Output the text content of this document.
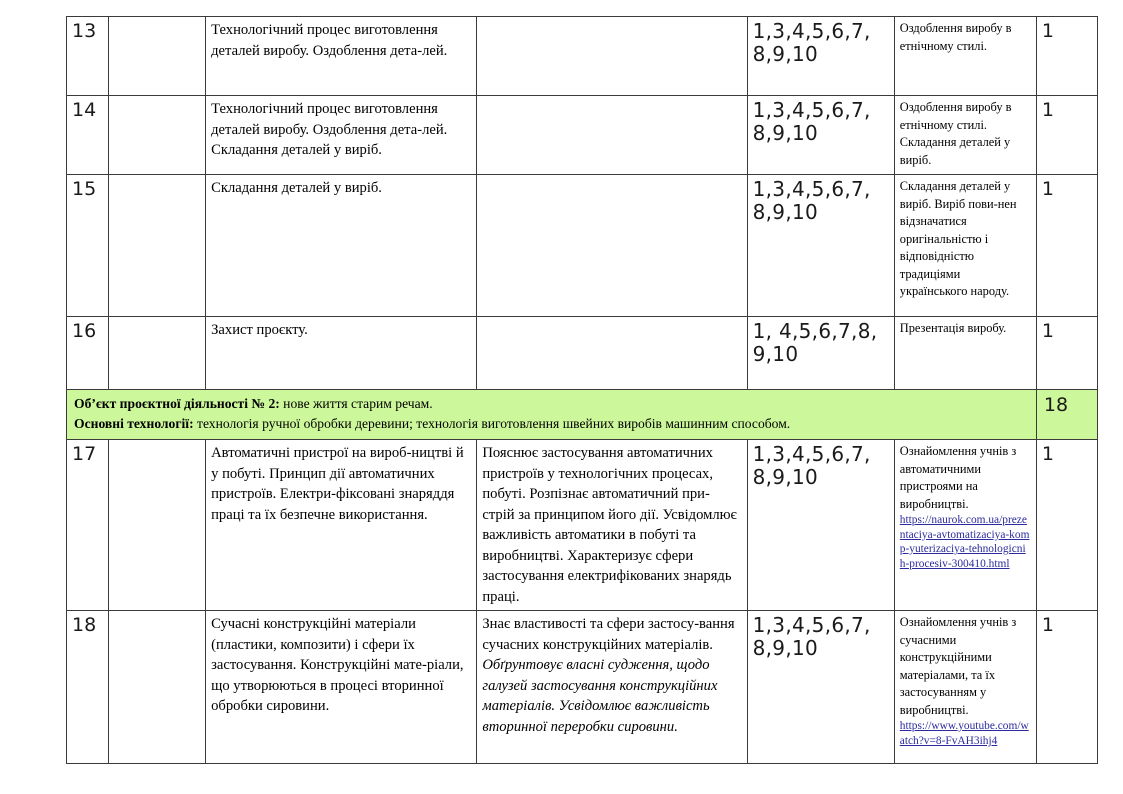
13		Технологічний процес виготовлення деталей виробу. Оздоблення дета-лей.		1,3,4,5,6,7,8,9,10	Оздоблення виробу в етнічному стилі.	1
14		Технологічний процес виготовлення деталей виробу. Оздоблення дета-лей. Складання деталей у виріб.		1,3,4,5,6,7,8,9,10	Оздоблення виробу в етнічному стилі. Складання деталей у виріб.	1
15		Складання деталей у виріб.		1,3,4,5,6,7,8,9,10	Складання деталей у виріб. Виріб пови-нен відзначатися оригінальністю і відповідністю традиціями українського народу.	1
16		Захист проєкту.		1, 4,5,6,7,8,9,10	Презентація виробу.	1

Об’єкт проєктної діяльності № 2: нове життя старим речам.
Основні технології: технологія ручної обробки деревини; технологія виготовлення швейних виробів машинним способом.						18
17		Автоматичні пристрої на вироб-ництві й у побуті. Принцип дії автоматичних пристроїв. Електри-фіксовані знаряддя праці та їх безпечне використання.	Пояснює застосування автоматичних пристроїв у технологічних процесах, побуті. Розпізнає автоматичний при-стрій за принципом його дії. Усвідомлює важливість автоматики в побуті та виробництві. Характеризує сфери застосування електрифікованих знарядь праці.	1,3,4,5,6,7,8,9,10	Ознайомлення учнів з автоматичними пристроями на виробництві.
https://naurok.com.ua/prezentaciya-avtomatizaciya-komp-yuterizaciya-tehnologicnih-procesiv-300410.html	1
18		Сучасні конструкційні матеріали (пластики, композити) і сфери їх застосування. Конструкційні мате-ріали, що утворюються в процесі вторинної обробки сировини.	Знає властивості та сфери застосу-вання сучасних конструкційних матеріалів. Обґрунтовує власні судження, щодо галузей застосування конструкційних матеріалів. Усвідомлює важливість вторинної переробки сировини.	1,3,4,5,6,7,8,9,10	Ознайомлення учнів з сучасними конструкційними матеріалами, та їх застосуванням у виробництві.
https://www.youtube.com/watch?v=8-FvAH3ihj4	1
